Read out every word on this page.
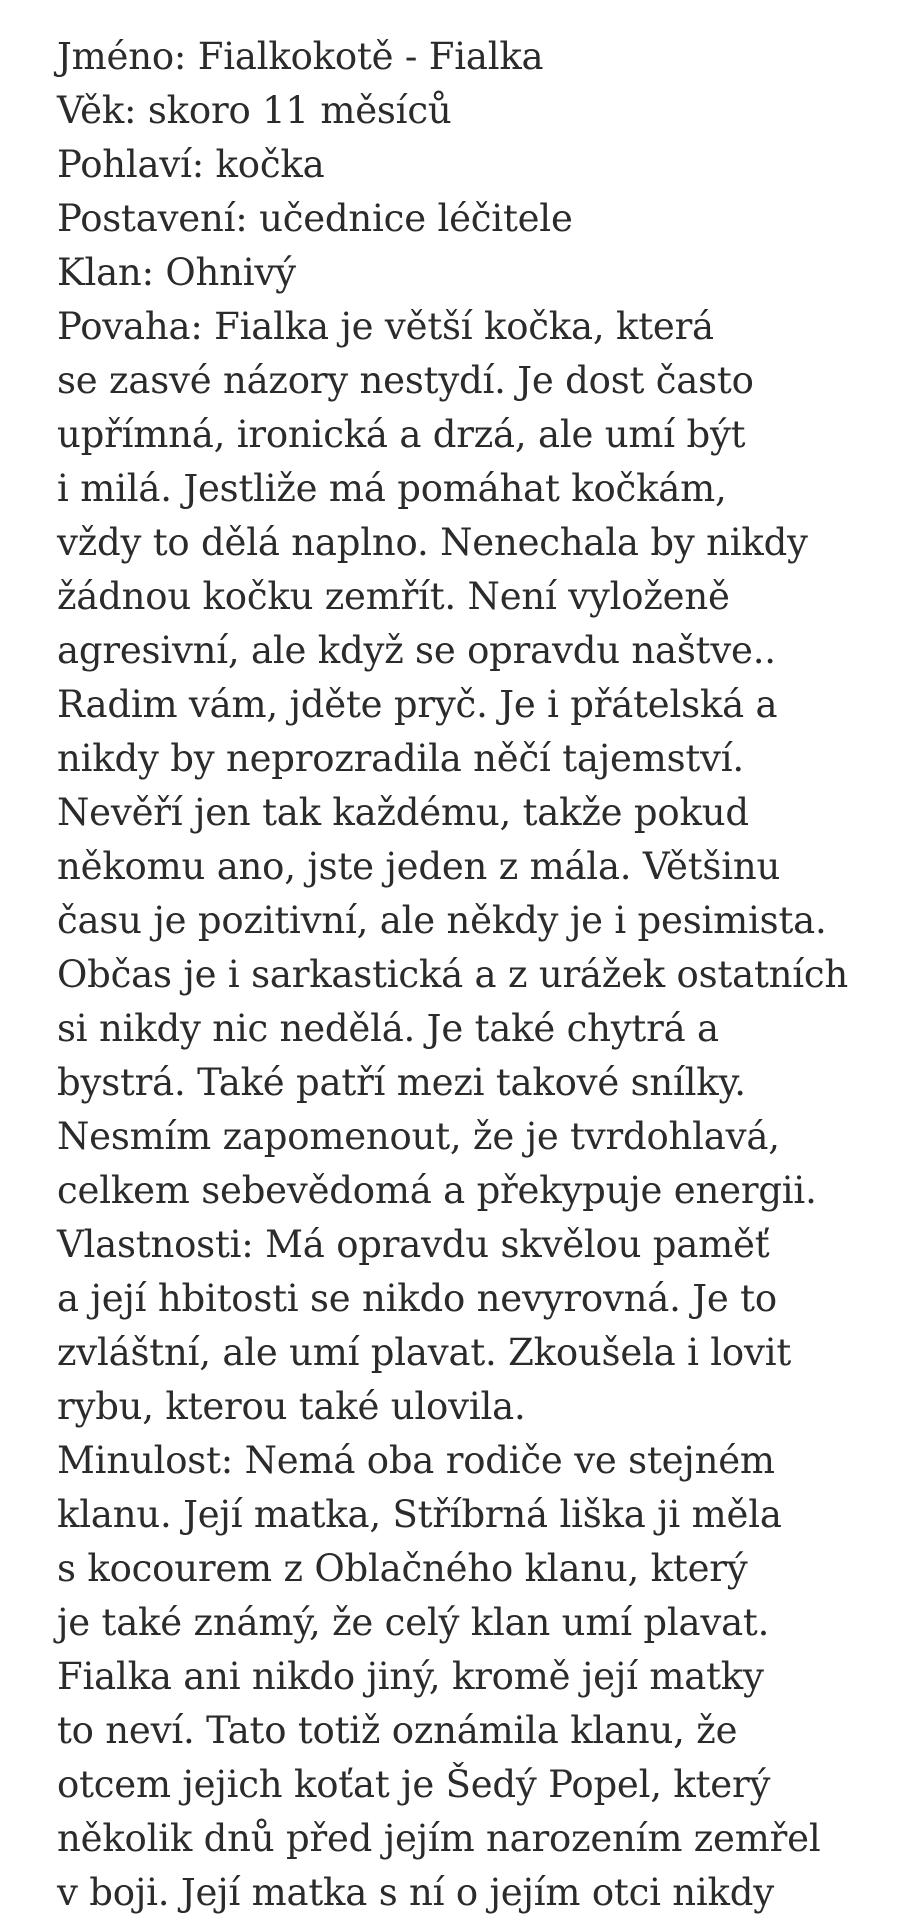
Jméno: Fialkokotě - Fialka
Věk: skoro 11 měsíců
Pohlaví: kočka
Postavení: učednice léčitele
Klan: Ohnivý
Povaha: Fialka je větší kočka, která
se zasvé názory nestydí. Je dost často
upřímná, ironická a drzá, ale umí být
i milá. Jestliže má pomáhat kočkám,
vždy to dělá naplno. Nenechala by nikdy
žádnou kočku zemřít. Není vyloženě
agresivní, ale když se opravdu naštve..
Radim vám, jděte pryč. Je i přátelská a
nikdy by neprozradila něčí tajemství.
Nevěří jen tak každému, takže pokud
někomu ano, jste jeden z mála. Většinu
času je pozitivní, ale někdy je i pesimista.
Občas je i sarkastická a z urážek ostatních
si nikdy nic nedělá. Je také chytrá a
bystrá. Také patří mezi takové snílky.
Nesmím zapomenout, že je tvrdohlavá,
celkem sebevědomá a překypuje energii.
Vlastnosti: Má opravdu skvělou paměť
a její hbitosti se nikdo nevyrovná. Je to
zvláštní, ale umí plavat. Zkoušela i lovit
rybu, kterou také ulovila.
Minulost: Nemá oba rodiče ve stejném
klanu. Její matka, Stříbrná liška ji měla
s kocourem z Oblačného klanu, který
je také známý, že celý klan umí plavat.
Fialka ani nikdo jiný, kromě její matky
to neví. Tato totiž oznámila klanu, že
otcem jejich koťat je Šedý Popel, který
několik dnů před jejím narozením zemřel
v boji. Její matka s ní o jejím otci nikdy
